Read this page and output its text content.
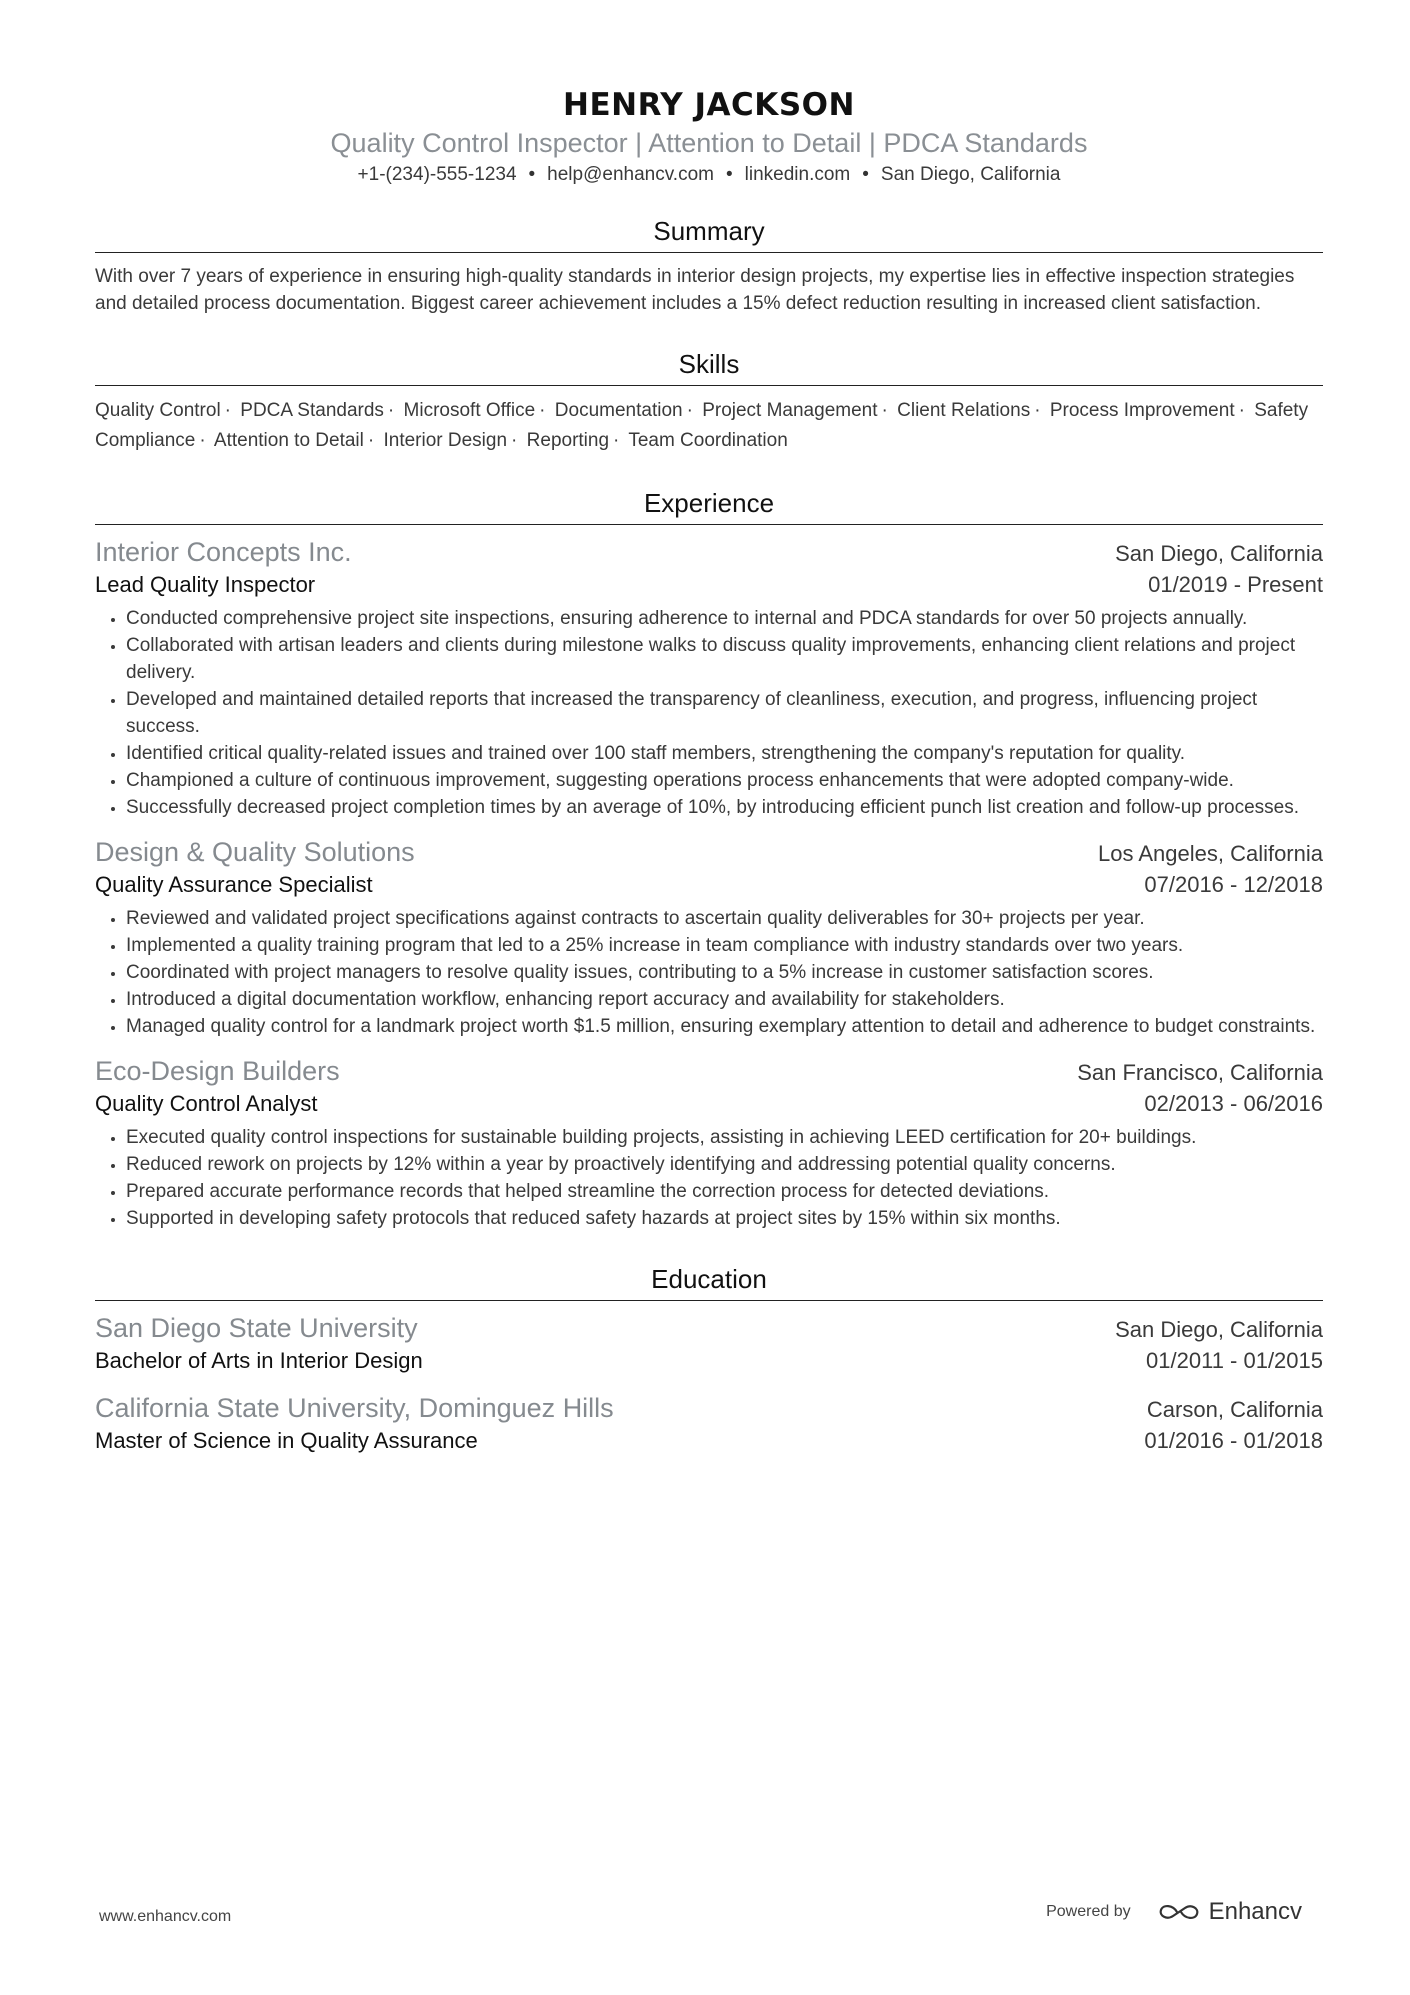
HENRY JACKSON

Quality Control Inspector | Attention to Detail | PDCA Standards

+1-(234)-555-1234 • help@enhancv.com • linkedin.com • San Diego, California
Summary

With over 7 years of experience in ensuring high-quality standards in interior design projects, my expertise lies in effective inspection strategies and detailed process documentation. Biggest career achievement includes a 15% defect reduction resulting in increased client satisfaction.

Skills
Quality Control · PDCA Standards · Microsoft Office · Documentation · Project Management · Client Relations · Process Improvement · Safety Compliance · Attention to Detail · Interior Design · Reporting · Team Coordination
Experience
Interior Concepts Inc.	San Diego, California
Lead Quality Inspector	01/2019 - Present
• Conducted comprehensive project site inspections, ensuring adherence to internal and PDCA standards for over 50 projects annually.
• Collaborated with artisan leaders and clients during milestone walks to discuss quality improvements, enhancing client relations and project delivery.
• Developed and maintained detailed reports that increased the transparency of cleanliness, execution, and progress, influencing project success.
• Identified critical quality-related issues and trained over 100 staff members, strengthening the company's reputation for quality.
• Championed a culture of continuous improvement, suggesting operations process enhancements that were adopted company-wide.
• Successfully decreased project completion times by an average of 10%, by introducing efficient punch list creation and follow-up processes.
Design & Quality Solutions	Los Angeles, California
Quality Assurance Specialist	07/2016 - 12/2018
• Reviewed and validated project specifications against contracts to ascertain quality deliverables for 30+ projects per year.
• Implemented a quality training program that led to a 25% increase in team compliance with industry standards over two years.
• Coordinated with project managers to resolve quality issues, contributing to a 5% increase in customer satisfaction scores.
• Introduced a digital documentation workflow, enhancing report accuracy and availability for stakeholders.
• Managed quality control for a landmark project worth $1.5 million, ensuring exemplary attention to detail and adherence to budget constraints.
Eco-Design Builders	San Francisco, California
Quality Control Analyst	02/2013 - 06/2016
• Executed quality control inspections for sustainable building projects, assisting in achieving LEED certification for 20+ buildings.
• Reduced rework on projects by 12% within a year by proactively identifying and addressing potential quality concerns.
• Prepared accurate performance records that helped streamline the correction process for detected deviations.
• Supported in developing safety protocols that reduced safety hazards at project sites by 15% within six months.
Education
San Diego State University	San Diego, California
Bachelor of Arts in Interior Design	01/2011 - 01/2015
California State University, Dominguez Hills	Carson, California
Master of Science in Quality Assurance	01/2016 - 01/2018
www.enhancv.com	Powered by	Enhancv
